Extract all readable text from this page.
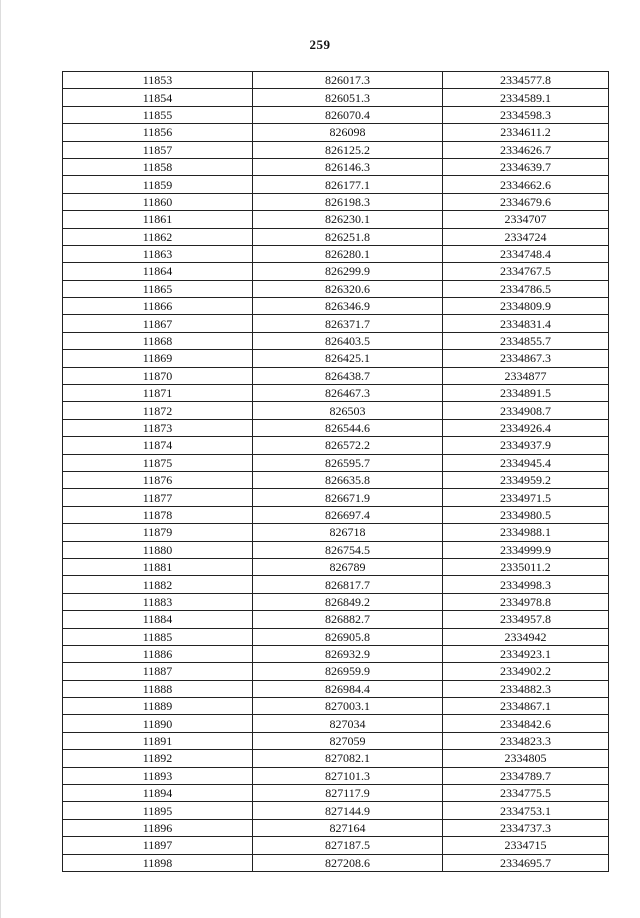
259
11853	826017.3	2334577.8
11854	826051.3	2334589.1
11855	826070.4	2334598.3
11856	826098	2334611.2
11857	826125.2	2334626.7
11858	826146.3	2334639.7
11859	826177.1	2334662.6
11860	826198.3	2334679.6
11861	826230.1	2334707
11862	826251.8	2334724
11863	826280.1	2334748.4
11864	826299.9	2334767.5
11865	826320.6	2334786.5
11866	826346.9	2334809.9
11867	826371.7	2334831.4
11868	826403.5	2334855.7
11869	826425.1	2334867.3
11870	826438.7	2334877
11871	826467.3	2334891.5
11872	826503	2334908.7
11873	826544.6	2334926.4
11874	826572.2	2334937.9
11875	826595.7	2334945.4
11876	826635.8	2334959.2
11877	826671.9	2334971.5
11878	826697.4	2334980.5
11879	826718	2334988.1
11880	826754.5	2334999.9
11881	826789	2335011.2
11882	826817.7	2334998.3
11883	826849.2	2334978.8
11884	826882.7	2334957.8
11885	826905.8	2334942
11886	826932.9	2334923.1
11887	826959.9	2334902.2
11888	826984.4	2334882.3
11889	827003.1	2334867.1
11890	827034	2334842.6
11891	827059	2334823.3
11892	827082.1	2334805
11893	827101.3	2334789.7
11894	827117.9	2334775.5
11895	827144.9	2334753.1
11896	827164	2334737.3
11897	827187.5	2334715
11898	827208.6	2334695.7
